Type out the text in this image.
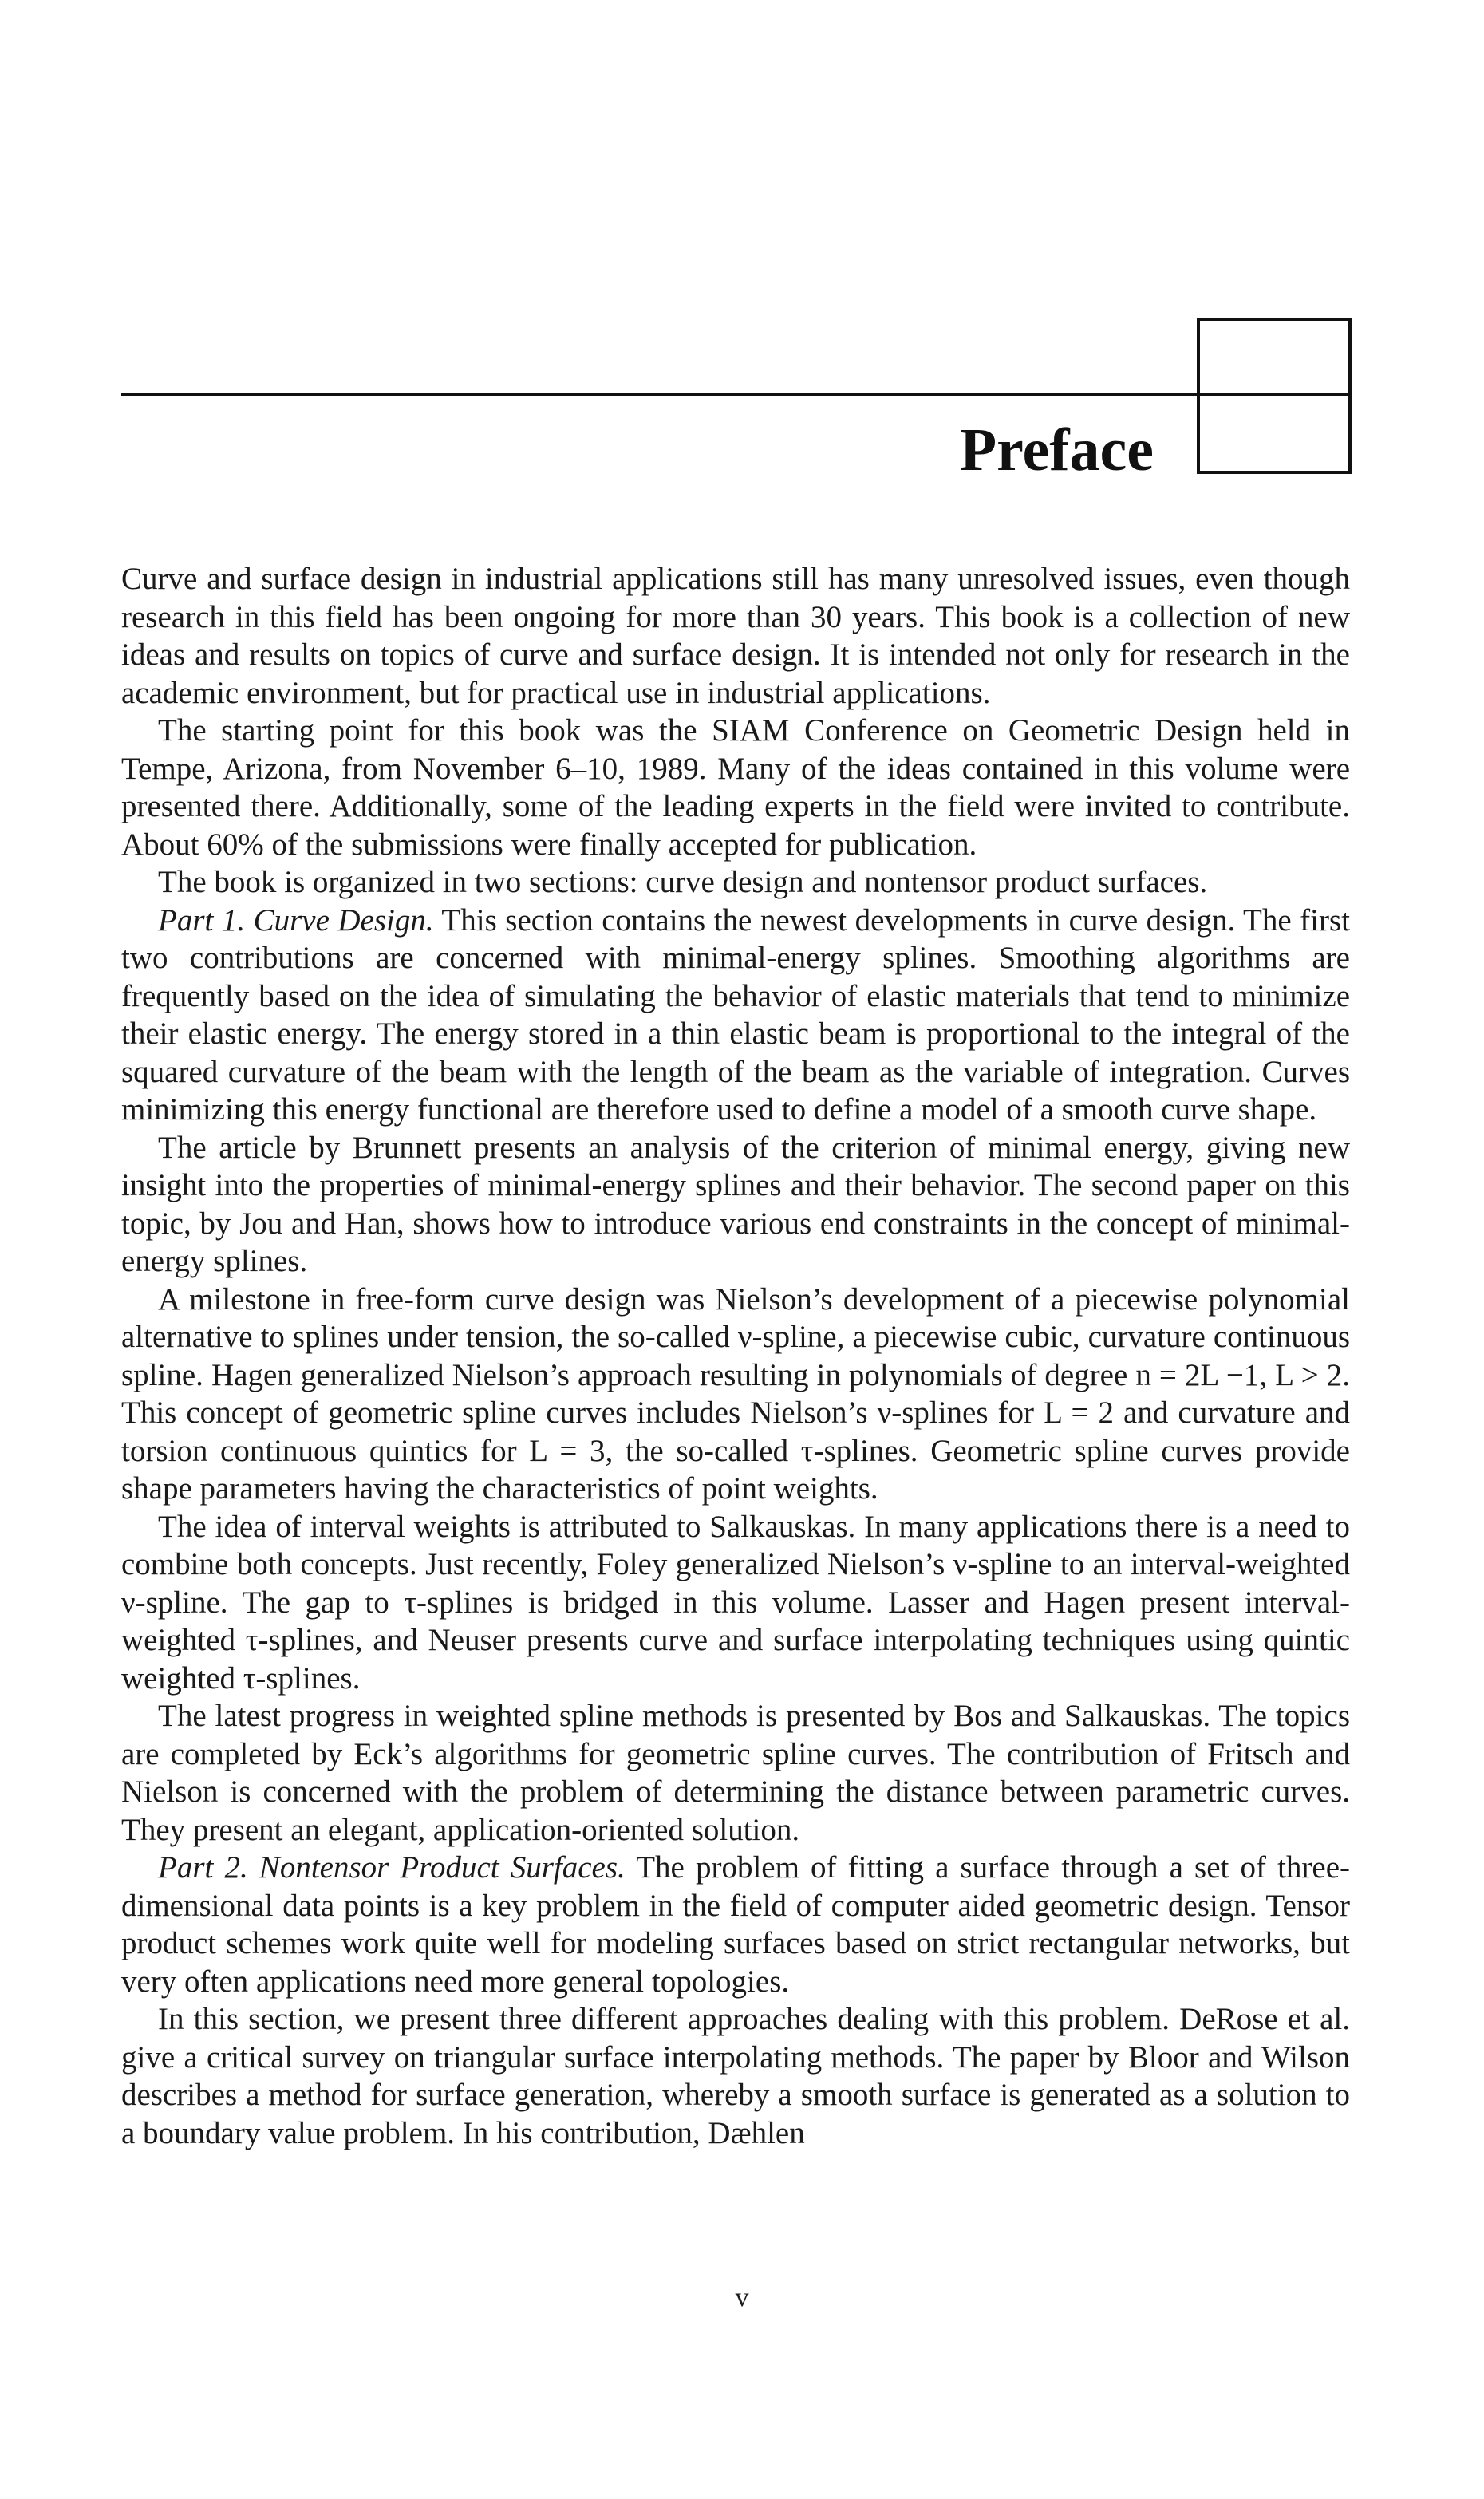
Preface

Curve and surface design in industrial applications still has many unresolved issues, even though research in this field has been ongoing for more than 30 years. This book is a collection of new ideas and results on topics of curve and surface design. It is intended not only for research in the academic environment, but for practical use in industrial applications.

The starting point for this book was the SIAM Conference on Geometric Design held in Tempe, Arizona, from November 6–10, 1989. Many of the ideas contained in this volume were presented there. Additionally, some of the leading experts in the field were invited to contribute. About 60% of the submissions were finally accepted for publication.

The book is organized in two sections: curve design and nontensor product surfaces.

Part 1. Curve Design. This section contains the newest developments in curve design. The first two contributions are concerned with minimal-energy splines. Smoothing algorithms are frequently based on the idea of simulating the behavior of elastic materials that tend to minimize their elastic energy. The energy stored in a thin elastic beam is proportional to the integral of the squared curvature of the beam with the length of the beam as the variable of integration. Curves minimizing this energy functional are therefore used to define a model of a smooth curve shape.

The article by Brunnett presents an analysis of the criterion of minimal energy, giving new insight into the properties of minimal-energy splines and their behavior. The second paper on this topic, by Jou and Han, shows how to introduce various end constraints in the concept of minimal-energy splines.

A milestone in free-form curve design was Nielson’s development of a piecewise polynomial alternative to splines under tension, the so-called ν-spline, a piecewise cubic, curvature continuous spline. Hagen generalized Nielson’s approach resulting in polynomials of degree n = 2L −1, L > 2. This concept of geometric spline curves includes Nielson’s ν-splines for L = 2 and curvature and torsion continuous quintics for L = 3, the so-called τ-splines. Geometric spline curves provide shape parameters having the characteristics of point weights.

The idea of interval weights is attributed to Salkauskas. In many applications there is a need to combine both concepts. Just recently, Foley generalized Nielson’s ν-spline to an interval-weighted ν-spline. The gap to τ-splines is bridged in this volume. Lasser and Hagen present interval-weighted τ-splines, and Neuser presents curve and surface interpolating techniques using quintic weighted τ-splines.

The latest progress in weighted spline methods is presented by Bos and Salkauskas. The topics are completed by Eck’s algorithms for geometric spline curves. The contribution of Fritsch and Nielson is concerned with the problem of determining the distance between parametric curves. They present an elegant, application-oriented solution.

Part 2. Nontensor Product Surfaces. The problem of fitting a surface through a set of three-dimensional data points is a key problem in the field of computer aided geometric design. Tensor product schemes work quite well for modeling surfaces based on strict rectangular networks, but very often applications need more general topologies.

In this section, we present three different approaches dealing with this problem. DeRose et al. give a critical survey on triangular surface interpolating methods. The paper by Bloor and Wilson describes a method for surface generation, whereby a smooth surface is generated as a solution to a boundary value problem. In his contribution, Dæhlen

v
